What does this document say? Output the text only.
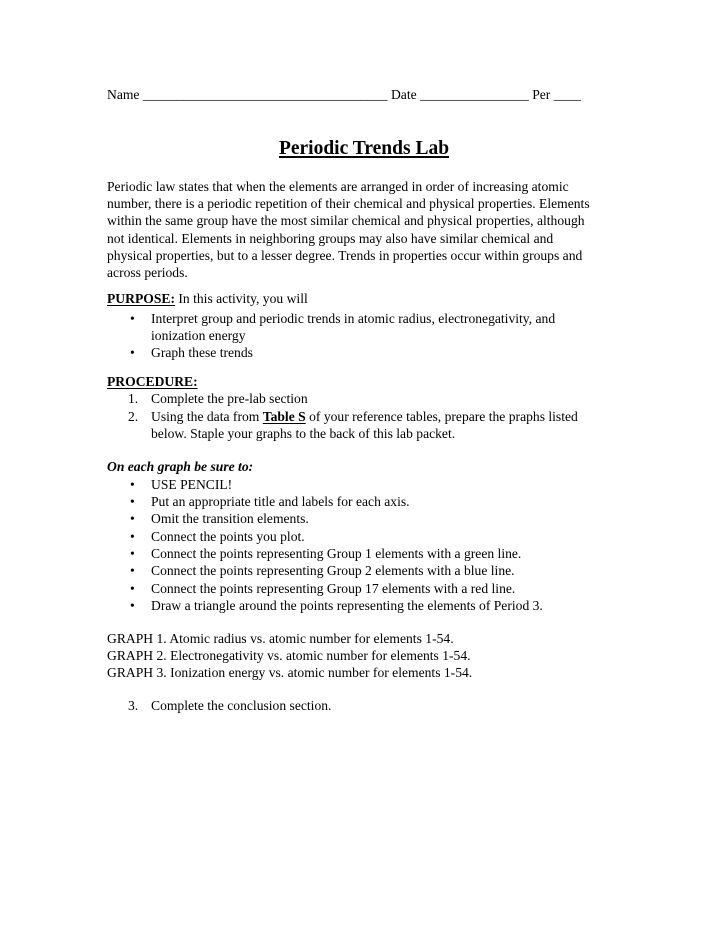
Name ____________________________________ Date ________________ Per ____
Periodic Trends Lab
Periodic law states that when the elements are arranged in order of increasing atomic
number, there is a periodic repetition of their chemical and physical properties. Elements
within the same group have the most similar chemical and physical properties, although
not identical. Elements in neighboring groups may also have similar chemical and
physical properties, but to a lesser degree. Trends in properties occur within groups and
across periods.
PURPOSE: In this activity, you will
• Interpret group and periodic trends in atomic radius, electronegativity, and
ionization energy
• Graph these trends
PROCEDURE:
1. Complete the pre-lab section
2. Using the data from Table S of your reference tables, prepare the praphs listed
below. Staple your graphs to the back of this lab packet.
On each graph be sure to:
• USE PENCIL!
• Put an appropriate title and labels for each axis.
• Omit the transition elements.
• Connect the points you plot.
• Connect the points representing Group 1 elements with a green line.
• Connect the points representing Group 2 elements with a blue line.
• Connect the points representing Group 17 elements with a red line.
• Draw a triangle around the points representing the elements of Period 3.
GRAPH 1. Atomic radius vs. atomic number for elements 1-54.
GRAPH 2. Electronegativity vs. atomic number for elements 1-54.
GRAPH 3. Ionization energy vs. atomic number for elements 1-54.
3. Complete the conclusion section.
